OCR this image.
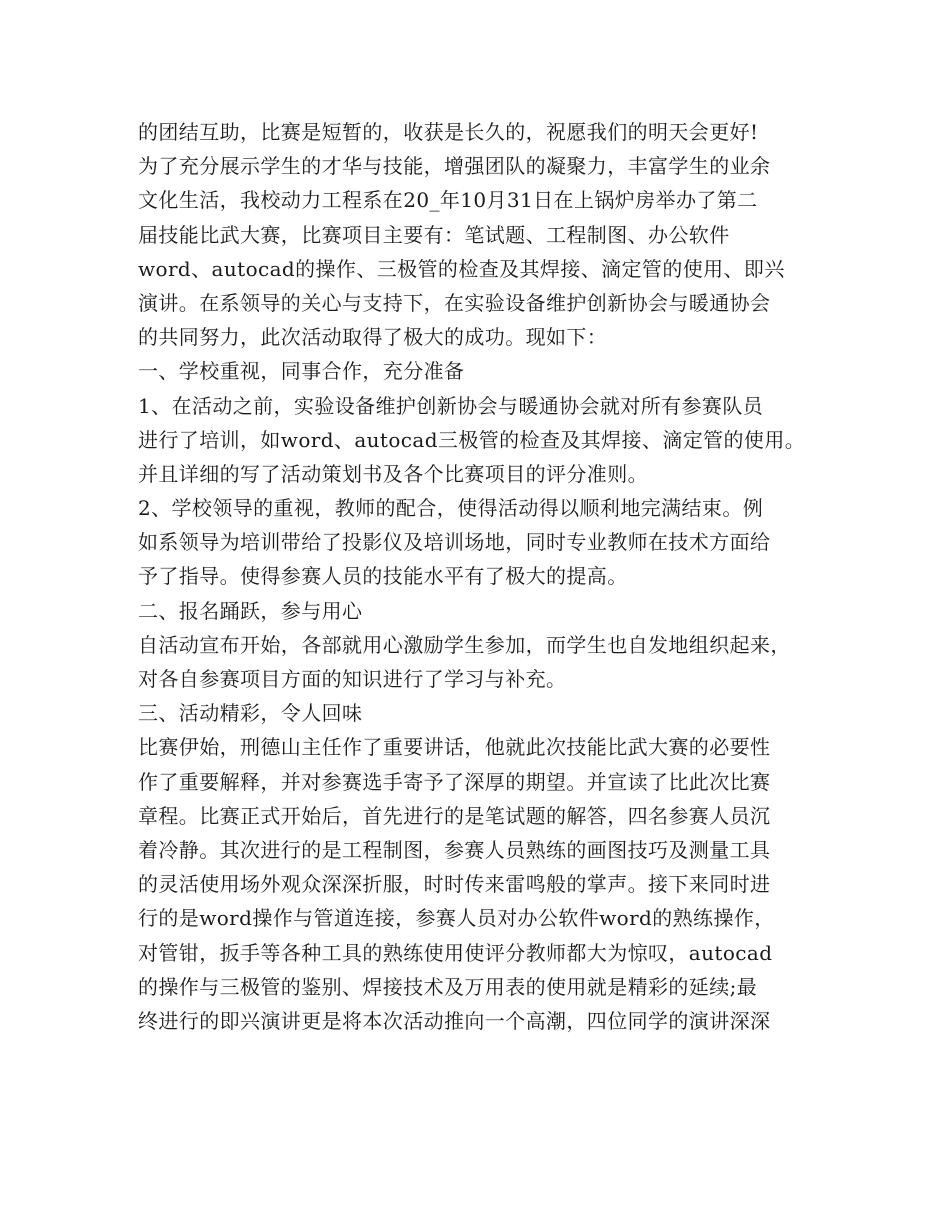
的团结互助，比赛是短暂的，收获是长久的，祝愿我们的明天会更好!
为了充分展示学生的才华与技能，增强团队的凝聚力，丰富学生的业余
文化生活，我校动力工程系在20_年10月31日在上锅炉房举办了第二
届技能比武大赛，比赛项目主要有：笔试题、工程制图、办公软件
word、autocad的操作、三极管的检查及其焊接、滴定管的使用、即兴
演讲。在系领导的关心与支持下，在实验设备维护创新协会与暖通协会
的共同努力，此次活动取得了极大的成功。现如下：
一、学校重视，同事合作，充分准备
1、在活动之前，实验设备维护创新协会与暖通协会就对所有参赛队员
进行了培训，如word、autocad三极管的检查及其焊接、滴定管的使用。
并且详细的写了活动策划书及各个比赛项目的评分准则。
2、学校领导的重视，教师的配合，使得活动得以顺利地完满结束。例
如系领导为培训带给了投影仪及培训场地，同时专业教师在技术方面给
予了指导。使得参赛人员的技能水平有了极大的提高。
二、报名踊跃，参与用心
自活动宣布开始，各部就用心激励学生参加，而学生也自发地组织起来，
对各自参赛项目方面的知识进行了学习与补充。
三、活动精彩，令人回味
比赛伊始，刑德山主任作了重要讲话，他就此次技能比武大赛的必要性
作了重要解释，并对参赛选手寄予了深厚的期望。并宣读了比此次比赛
章程。比赛正式开始后，首先进行的是笔试题的解答，四名参赛人员沉
着冷静。其次进行的是工程制图，参赛人员熟练的画图技巧及测量工具
的灵活使用场外观众深深折服，时时传来雷鸣般的掌声。接下来同时进
行的是word操作与管道连接，参赛人员对办公软件word的熟练操作，
对管钳，扳手等各种工具的熟练使用使评分教师都大为惊叹，autocad
的操作与三极管的鉴别、焊接技术及万用表的使用就是精彩的延续;最
终进行的即兴演讲更是将本次活动推向一个高潮，四位同学的演讲深深
